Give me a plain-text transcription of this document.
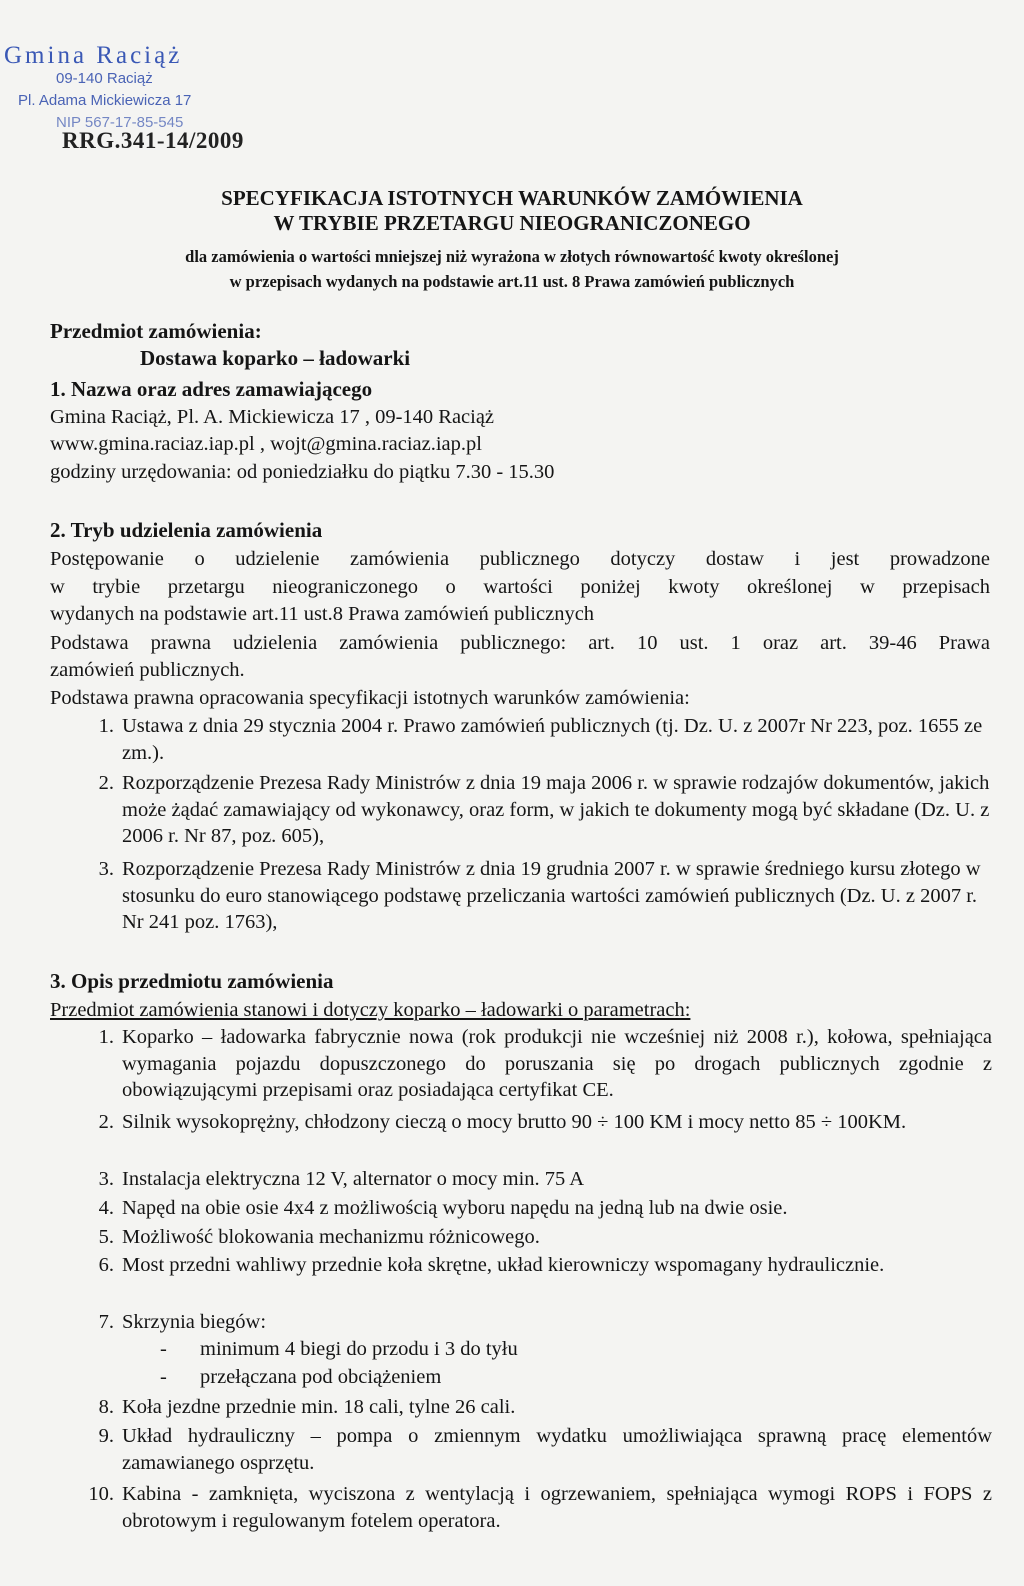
Gmina Raciąż
09-140 Raciąż
Pl. Adama Mickiewicza 17
NIP 567-17-85-545
RRG.341-14/2009
SPECYFIKACJA ISTOTNYCH WARUNKÓW ZAMÓWIENIA
W TRYBIE PRZETARGU NIEOGRANICZONEGO
dla zamówienia o wartości mniejszej niż wyrażona w złotych równowartość kwoty określonej
w przepisach wydanych na podstawie art.11 ust. 8 Prawa zamówień publicznych
Przedmiot zamówienia:
Dostawa koparko – ładowarki
1. Nazwa oraz adres zamawiającego
Gmina Raciąż, Pl. A. Mickiewicza 17 , 09-140 Raciąż
www.gmina.raciaz.iap.pl , wojt@gmina.raciaz.iap.pl
godziny urzędowania: od poniedziałku do piątku 7.30 - 15.30
2. Tryb udzielenia zamówienia
Postępowanie o udzielenie zamówienia publicznego dotyczy dostaw i jest prowadzone
w trybie przetargu nieograniczonego o wartości poniżej kwoty określonej w przepisach
wydanych na podstawie art.11 ust.8 Prawa zamówień publicznych
Podstawa prawna udzielenia zamówienia publicznego: art. 10 ust. 1 oraz art. 39-46 Prawa
zamówień publicznych.
Podstawa prawna opracowania specyfikacji istotnych warunków zamówienia:
1. Ustawa z dnia 29 stycznia 2004 r. Prawo zamówień publicznych (tj. Dz. U. z 2007r Nr 223, poz. 1655 ze zm.).
2. Rozporządzenie Prezesa Rady Ministrów z dnia 19 maja 2006 r. w sprawie rodzajów dokumentów, jakich może żądać zamawiający od wykonawcy, oraz form, w jakich te dokumenty mogą być składane (Dz. U. z 2006 r. Nr 87, poz. 605),
3. Rozporządzenie Prezesa Rady Ministrów z dnia 19 grudnia 2007 r. w sprawie średniego kursu złotego w stosunku do euro stanowiącego podstawę przeliczania wartości zamówień publicznych (Dz. U. z 2007 r. Nr 241 poz. 1763),
3. Opis przedmiotu zamówienia
Przedmiot zamówienia stanowi i dotyczy koparko – ładowarki o parametrach:
1. Koparko – ładowarka fabrycznie nowa (rok produkcji nie wcześniej niż 2008 r.), kołowa, spełniająca wymagania pojazdu dopuszczonego do poruszania się po drogach publicznych zgodnie z obowiązującymi przepisami oraz posiadająca certyfikat CE.
2. Silnik wysokoprężny, chłodzony cieczą o mocy brutto 90 ÷ 100 KM i mocy netto 85 ÷ 100KM.
3. Instalacja elektryczna 12 V, alternator o mocy min. 75 A
4. Napęd na obie osie 4x4 z możliwością wyboru napędu na jedną lub na dwie osie.
5. Możliwość blokowania mechanizmu różnicowego.
6. Most przedni wahliwy przednie koła skrętne, układ kierowniczy wspomagany hydraulicznie.
7. Skrzynia biegów:
- minimum 4 biegi do przodu i 3 do tyłu
- przełączana pod obciążeniem
8. Koła jezdne przednie min. 18 cali, tylne 26 cali.
9. Układ hydrauliczny – pompa o zmiennym wydatku umożliwiająca sprawną pracę elementów zamawianego osprzętu.
10. Kabina - zamknięta, wyciszona z wentylacją i ogrzewaniem, spełniająca wymogi ROPS i FOPS z obrotowym i regulowanym fotelem operatora.
